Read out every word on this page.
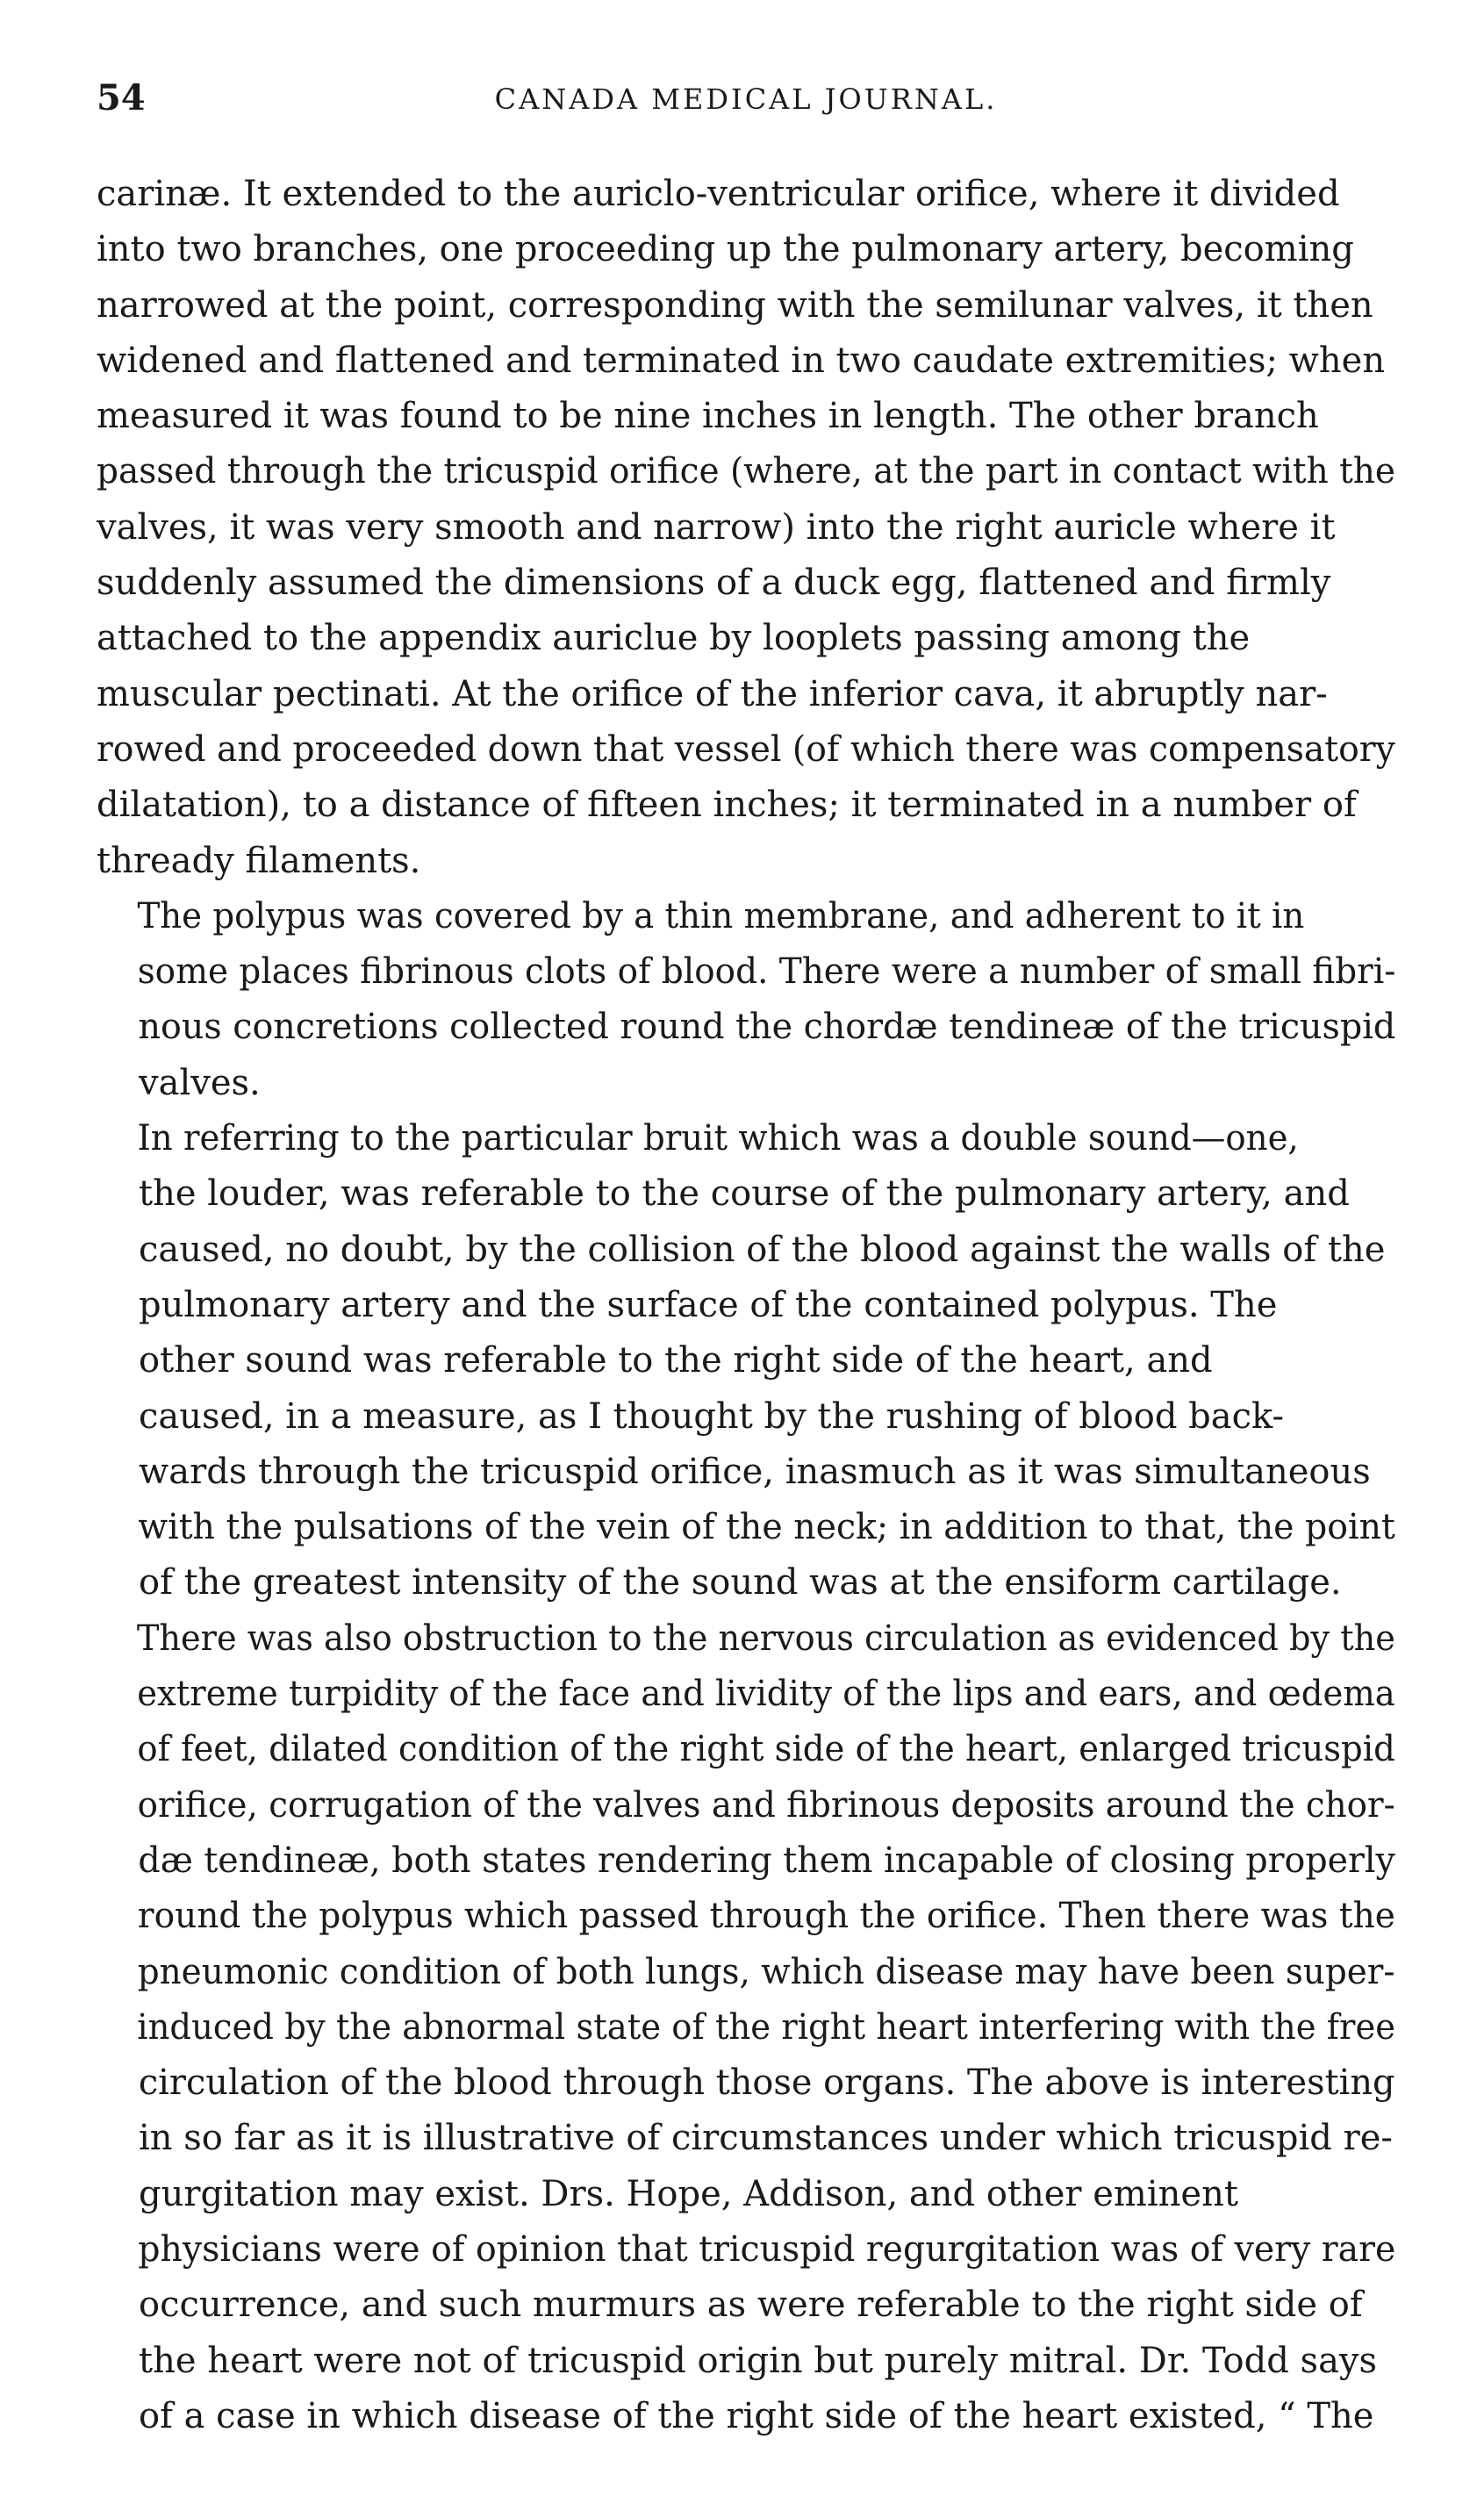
54	CANADA MEDICAL JOURNAL.

carinæ. It extended to the auriclo-ventricular orifice, where it divided
into two branches, one proceeding up the pulmonary artery, becoming
narrowed at the point, corresponding with the semilunar valves, it then
widened and flattened and terminated in two caudate extremities; when
measured it was found to be nine inches in length. The other branch
passed through the tricuspid orifice (where, at the part in contact with the
valves, it was very smooth and narrow) into the right auricle where it
suddenly assumed the dimensions of a duck egg, flattened and firmly
attached to the appendix auriclue by looplets passing among the
muscular pectinati. At the orifice of the inferior cava, it abruptly nar-
rowed and proceeded down that vessel (of which there was compensatory
dilatation), to a distance of fifteen inches; it terminated in a number of
thready filaments.

The polypus was covered by a thin membrane, and adherent to it in
some places fibrinous clots of blood. There were a number of small fibri-
nous concretions collected round the chordæ tendineæ of the tricuspid
valves.

In referring to the particular bruit which was a double sound—one,
the louder, was referable to the course of the pulmonary artery, and
caused, no doubt, by the collision of the blood against the walls of the
pulmonary artery and the surface of the contained polypus. The
other sound was referable to the right side of the heart, and
caused, in a measure, as I thought by the rushing of blood back-
wards through the tricuspid orifice, inasmuch as it was simultaneous
with the pulsations of the vein of the neck; in addition to that, the point
of the greatest intensity of the sound was at the ensiform cartilage.
There was also obstruction to the nervous circulation as evidenced by the
extreme turpidity of the face and lividity of the lips and ears, and œdema
of feet, dilated condition of the right side of the heart, enlarged tricuspid
orifice, corrugation of the valves and fibrinous deposits around the chor-
dæ tendineæ, both states rendering them incapable of closing properly
round the polypus which passed through the orifice. Then there was the
pneumonic condition of both lungs, which disease may have been super-
induced by the abnormal state of the right heart interfering with the free
circulation of the blood through those organs. The above is interesting
in so far as it is illustrative of circumstances under which tricuspid re-
gurgitation may exist. Drs. Hope, Addison, and other eminent
physicians were of opinion that tricuspid regurgitation was of very rare
occurrence, and such murmurs as were referable to the right side of
the heart were not of tricuspid origin but purely mitral. Dr. Todd says
of a case in which disease of the right side of the heart existed, “ The
